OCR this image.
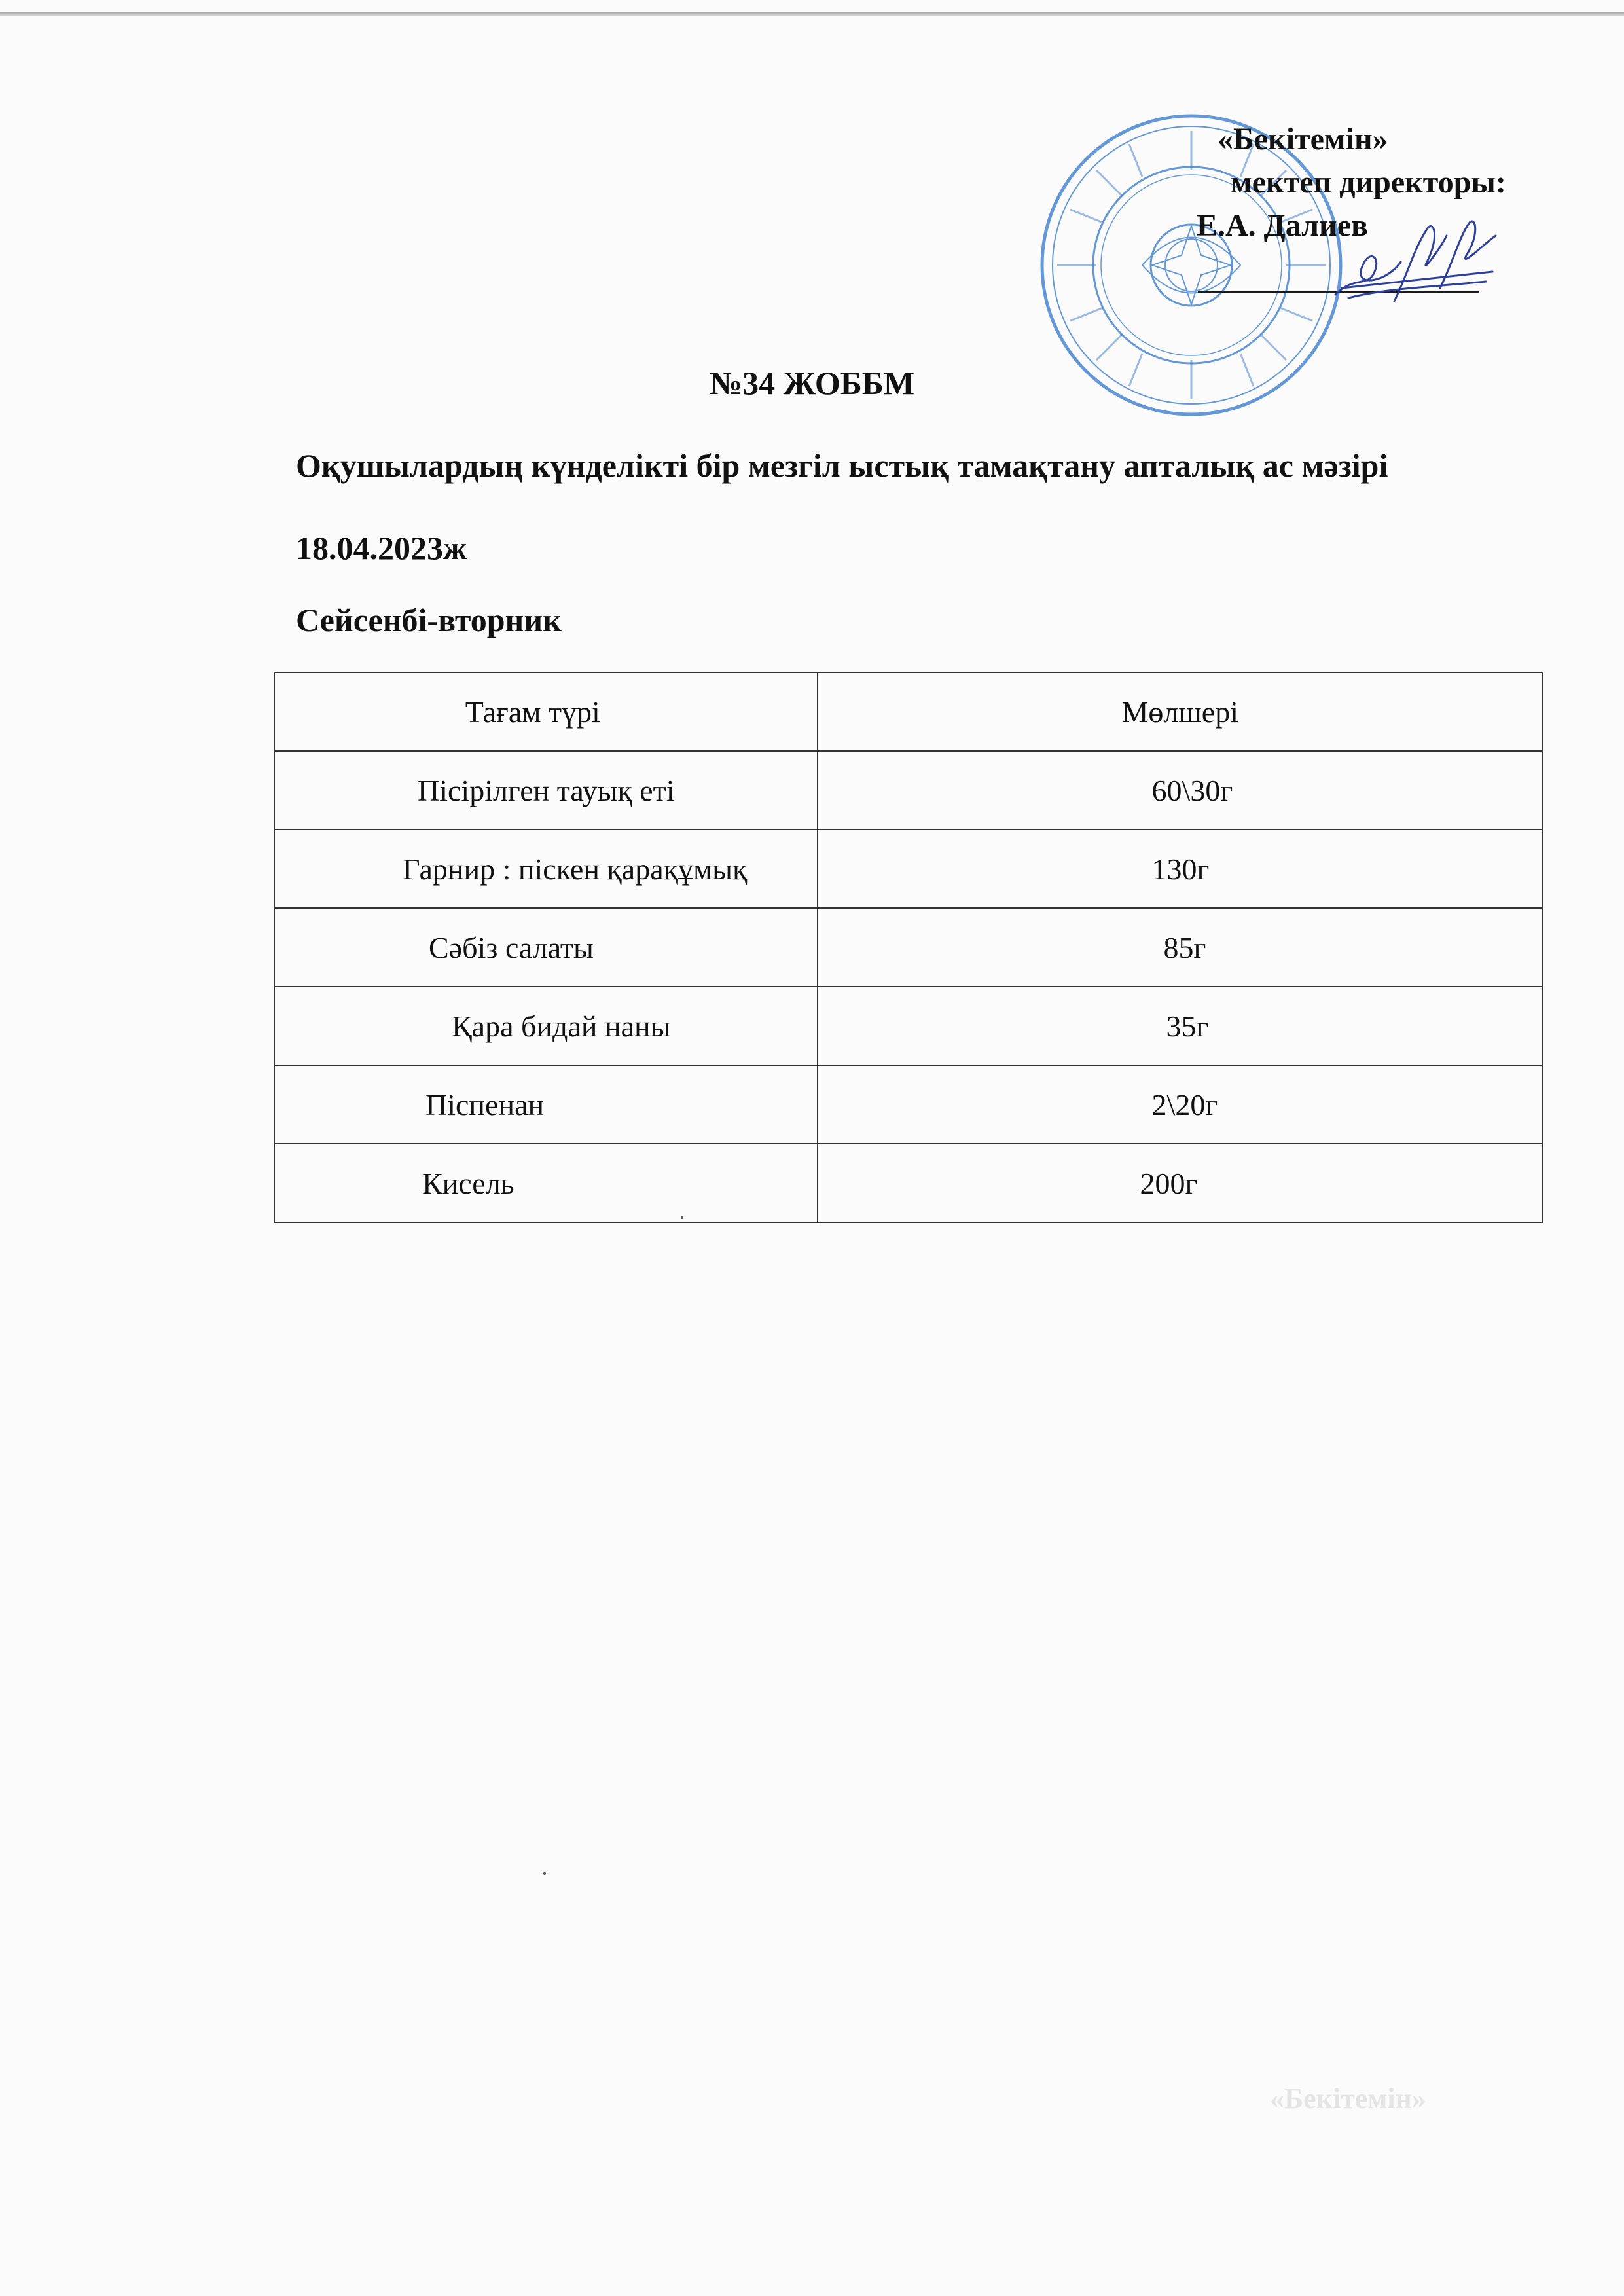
«Бекітемін»
мектеп директоры:
Е.А. Далиев
№34 ЖОББМ
Оқушылардың күнделікті бір мезгіл ыстық тамақтану апталық ас мәзірі
18.04.2023ж
Сейсенбі-вторник
Тағам түрі	Мөлшері
Пісірілген тауық еті	60\30г
Гарнир : піскен қарақұмық	130г
Сәбіз салаты	85г
Қара бидай наны	35г
Піспенан	2\20г
Кисель	200г
«Бекітемін»
